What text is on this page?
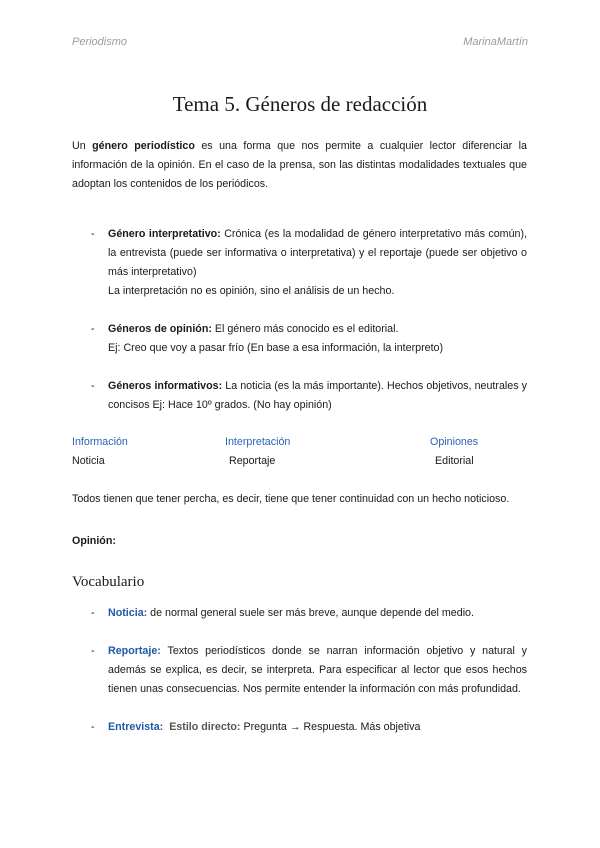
Periodismo	MarinaMartín
Tema 5. Géneros de redacción

Un género periodístico es una forma que nos permite a cualquier lector diferenciar la información de la opinión. En el caso de la prensa, son las distintas modalidades textuales que adoptan los contenidos de los periódicos.

-	Género interpretativo: Crónica (es la modalidad de género interpretativo más común), la entrevista (puede ser informativa o interpretativa) y el reportaje (puede ser objetivo o más interpretativo)

La interpretación no es opinión, sino el análisis de un hecho.

-	Géneros de opinión: El género más conocido es el editorial.

Ej: Creo que voy a pasar frío (En base a esa información, la interpreto)

-	Géneros informativos: La noticia (es la más importante). Hechos objetivos, neutrales y concisos Ej: Hace 10º grados. (No hay opinión)

Información	Interpretación	Opiniones
Noticia	Reportaje	Editorial

Todos tienen que tener percha, es decir, tiene que tener continuidad con un hecho noticioso.

Opinión:

Vocabulario
-	Noticia: de normal general suele ser más breve, aunque depende del medio.

-	Reportaje: Textos periodísticos donde se narran información objetivo y natural y además se explica, es decir, se interpreta. Para especificar al lector que esos hechos tienen unas consecuencias. Nos permite entender la información con más profundidad.

-	Entrevista: Estilo directo: Pregunta → Respuesta. Más objetiva
